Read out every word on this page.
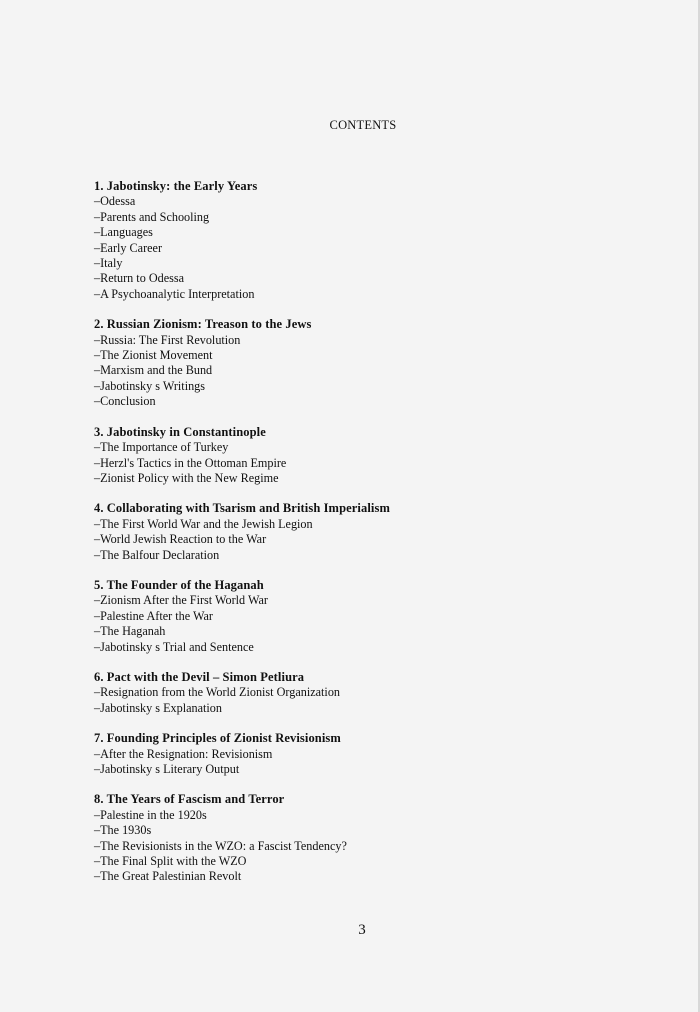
CONTENTS
1. Jabotinsky: the Early Years
–Odessa
–Parents and Schooling
–Languages
–Early Career
–Italy
–Return to Odessa
–A Psychoanalytic Interpretation
2. Russian Zionism: Treason to the Jews
–Russia: The First Revolution
–The Zionist Movement
–Marxism and the Bund
–Jabotinsky s Writings
–Conclusion
3. Jabotinsky in Constantinople
–The Importance of Turkey
–Herzl's Tactics in the Ottoman Empire
–Zionist Policy with the New Regime
4. Collaborating with Tsarism and British Imperialism
–The First World War and the Jewish Legion
–World Jewish Reaction to the War
–The Balfour Declaration
5. The Founder of the Haganah
–Zionism After the First World War
–Palestine After the War
–The Haganah
–Jabotinsky s Trial and Sentence
6. Pact with the Devil – Simon Petliura
–Resignation from the World Zionist Organization
–Jabotinsky s Explanation
7. Founding Principles of Zionist Revisionism
–After the Resignation: Revisionism
–Jabotinsky s Literary Output
8. The Years of Fascism and Terror
–Palestine in the 1920s
–The 1930s
–The Revisionists in the WZO: a Fascist Tendency?
–The Final Split with the WZO
–The Great Palestinian Revolt
3
